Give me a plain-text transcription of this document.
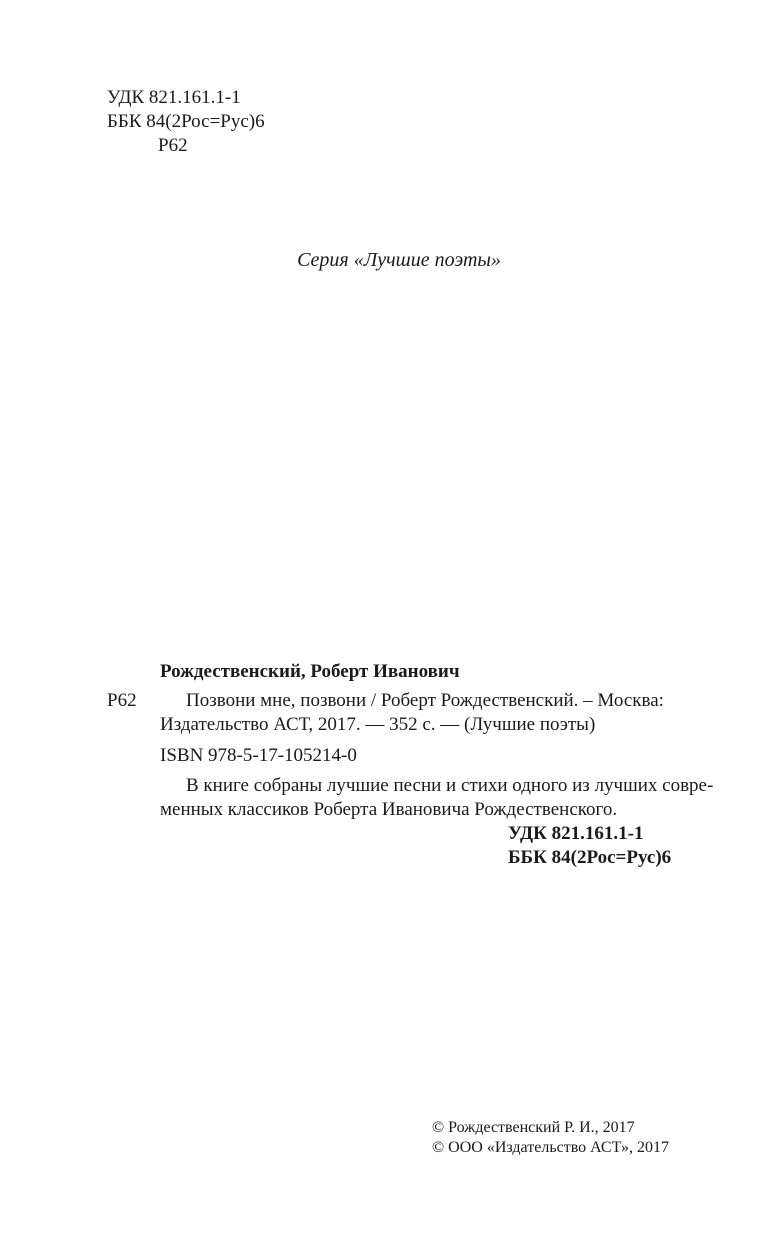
УДК 821.161.1-1
ББК 84(2Рос=Рус)6
Р62
Серия «Лучшие поэты»
Рождественский, Роберт Иванович
Р62	Позвони мне, позвони / Роберт Рождественский. – Москва:
Издательство АСТ, 2017. — 352 с. — (Лучшие поэты)
ISBN 978-5-17-105214-0
В книге собраны лучшие песни и стихи одного из лучших совре-
менных классиков Роберта Ивановича Рождественского.
УДК 821.161.1-1
ББК 84(2Рос=Рус)6
© Рождественский Р. И., 2017
© ООО «Издательство АСТ», 2017
